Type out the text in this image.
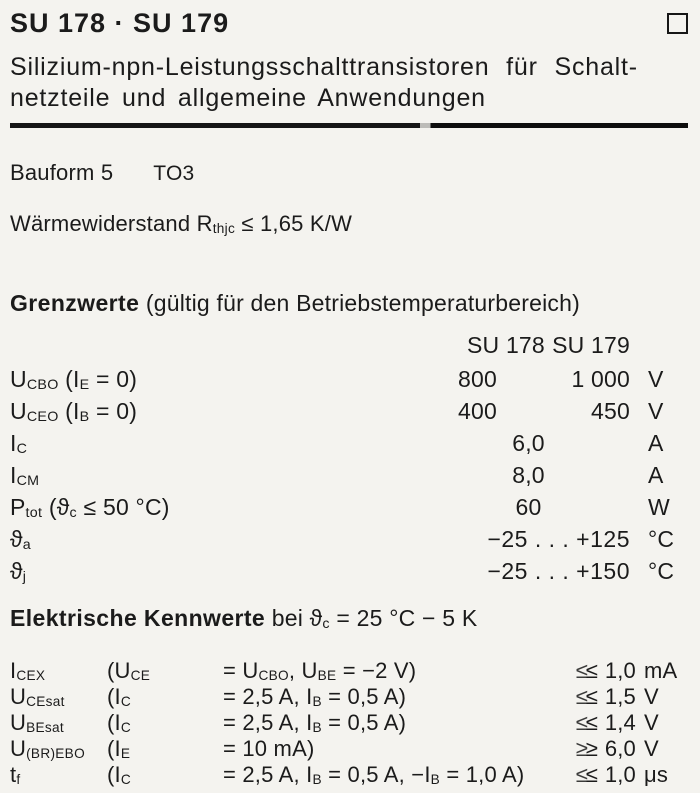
SU 178 · SU 179
Silizium-npn-Leistungsschalttransistoren für Schalt-
netzteile und allgemeine Anwendungen
Bauform 5 TO3
Wärmewiderstand Rthjc ≤ 1,65 K/W
Grenzwerte (gültig für den Betriebstemperaturbereich)
SU 178 SU 179
UCBO (IE = 0)	800	1 000 V
UCEO (IB = 0)	400	450 V
IC	6,0	A
ICM	8,0	A
Ptot (ϑc ≤ 50 °C)	60	W
ϑa	−25 . . . +125 °C
ϑj	−25 . . . +150 °C
Elektrische Kennwerte bei ϑc = 25 °C − 5 K
ICEX	(UCE	= UCBO, UBE = −2 V)	≤ 1,0 mA
UCEsat	(IC	= 2,5 A, IB = 0,5 A)	≤ 1,5 V
UBEsat	(IC	= 2,5 A, IB = 0,5 A)	≤ 1,4 V
U(BR)EBO	(IE	= 10 mA)	≥ 6,0 V
tf	(IC	= 2,5 A, IB = 0,5 A, −IB = 1,0 A)	≤ 1,0 μs
